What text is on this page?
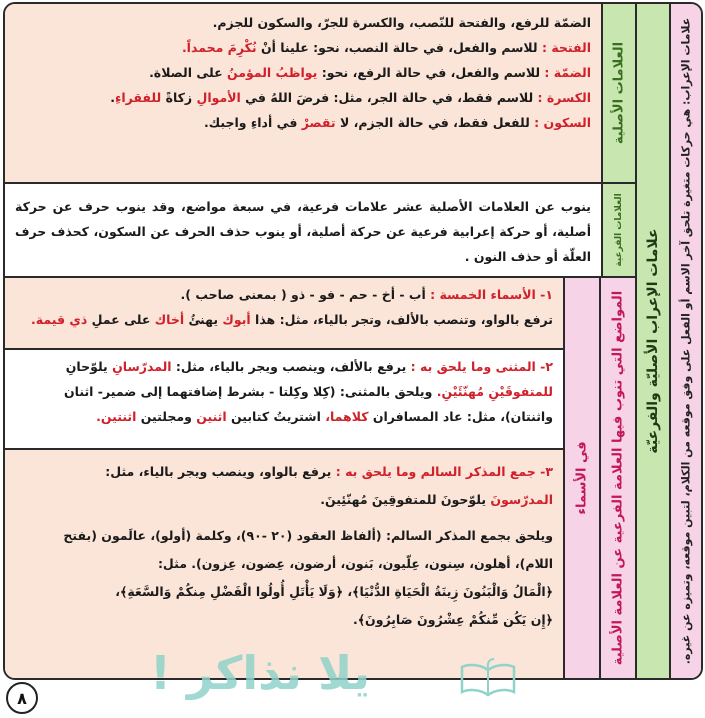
علامات الإعراب: هي حركات متغيرة تلحق آخر الاسم أو الفعل على وفق موقعه من الكلام، لتبين موقعه، وتميزه عن غيره.
علامات الإعراب الأصليّة والفرعيّة
العلامات الأصلية

الضمّة للرفع، والفتحة للنّصب، والكسرة للجرّ، والسكون للجزم.

الفتحة : للاسم والفعل، في حالة النصب، نحو: علينا أنْ نُكْرِمَ محمداً.

الضمّة : للاسم والفعل، في حالة الرفع، نحو: يواظبُ المؤمنُ على الصلاة.

الكسرة : للاسم فقط، في حالة الجر، مثل: فرضَ اللهُ في الأموالِ زكاةً للفقراءِ.

السكون : للفعل فقط، في حالة الجزم، لا تقصرْ في أداءِ واجبك.

العلامات الفرعية

ينوب عن العلامات الأصلية عشر علامات فرعية، في سبعة مواضع، وقد ينوب حرف عن حركة أصلية، أو حركة إعرابية فرعية عن حركة أصلية، أو ينوب حذف الحرف عن السكون، كحذف حرف العلّة أو حذف النون .

المواضع التي تنوب فيها العلامة الفرعية عن العلامة الأصلية
في الأسماء

١- الأسماء الخمسة : أب - أخ - حم - فو - ذو ( بمعنى صاحب ).

ترفع بالواو، وتنصب بالألف، وتجر بالياء، مثل: هذا أبوك يهنئُ أخاك على عملِ ذي قيمة.

٢- المثنى وما يلحق به : يرفع بالألف، وينصب ويجر بالياء، مثل: المدرّسانِ يلوّحانِ

للمتفوقَيْنِ مُهنّئَيْنِ. ويلحق بالمثنى: (كِلا وكِلتا - بشرط إضافتهما إلى ضمير- اثنان

واثنتان)، مثل: عاد المسافران كلاهما، اشتريتُ كتابين اثنين ومجلتين اثنتين.

٣- جمع المذكر السالم وما يلحق به : يرفع بالواو، وينصب ويجر بالياء، مثل:

المدرّسونَ يلوّحونَ للمتفوقِينَ مُهنّئِينَ.

ويلحق بجمع المذكر السالم: (ألفاظ العقود (٢٠ -٩٠)، وكلمة (أولو)، عالَمون (بفتح

اللام)، أهلون، سِنون، عِلّيون، بَنون، أرضون، عِضون، عِزون). مثل:

﴿الْمَالُ وَالْبَنُونَ زِينَةُ الْحَيَاةِ الدُّنْيَا﴾، ﴿وَلَا يَأْتَلِ أُولُوا الْفَضْلِ مِنكُمْ وَالسَّعَةِ﴾،

﴿إِن يَكُن مِّنكُمْ عِشْرُونَ صَابِرُونَ﴾.

يلا نذاكر !
٨
